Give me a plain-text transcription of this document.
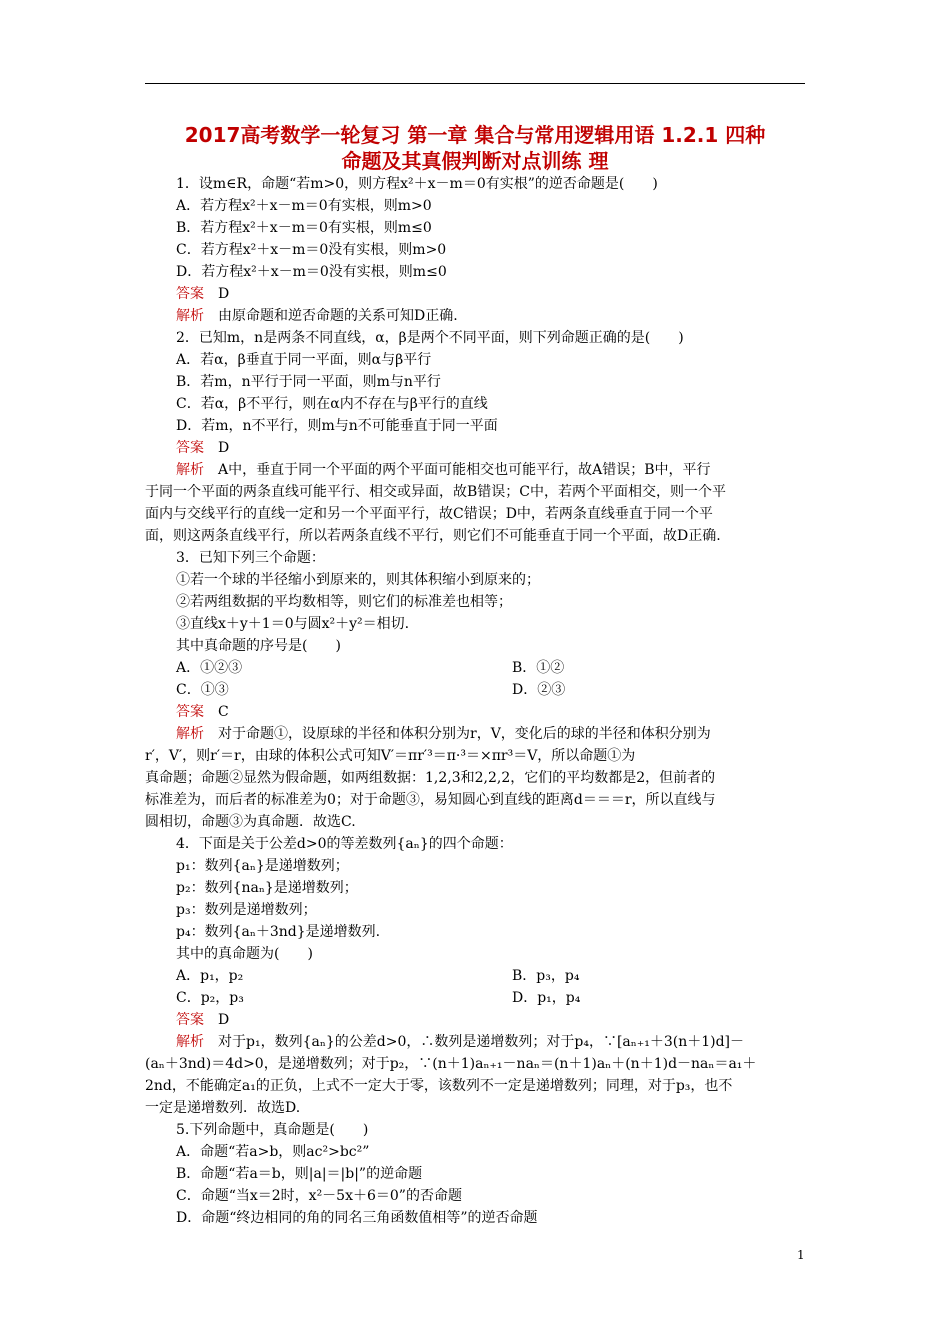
2017高考数学一轮复习 第一章 集合与常用逻辑用语 1.2.1 四种
命题及其真假判断对点训练 理
1．设m∈R，命题“若m>0，则方程x²＋x－m＝0有实根”的逆否命题是(　　)
A．若方程x²＋x－m＝0有实根，则m>0
B．若方程x²＋x－m＝0有实根，则m≤0
C．若方程x²＋x－m＝0没有实根，则m>0
D．若方程x²＋x－m＝0没有实根，则m≤0
答案　 D
解析　 由原命题和逆否命题的关系可知D正确.
2．已知m，n是两条不同直线，α，β是两个不同平面，则下列命题正确的是(　　)
A．若α，β垂直于同一平面，则α与β平行
B．若m，n平行于同一平面，则m与n平行
C．若α，β不平行，则在α内不存在与β平行的直线
D．若m，n不平行，则m与n不可能垂直于同一平面
答案　 D
解析　 A中，垂直于同一个平面的两个平面可能相交也可能平行，故A错误；B中，平行
于同一个平面的两条直线可能平行、相交或异面，故B错误；C中，若两个平面相交，则一个平
面内与交线平行的直线一定和另一个平面平行，故C错误；D中，若两条直线垂直于同一个平
面，则这两条直线平行，所以若两条直线不平行，则它们不可能垂直于同一个平面，故D正确.
3．已知下列三个命题：
①若一个球的半径缩小到原来的，则其体积缩小到原来的；
②若两组数据的平均数相等，则它们的标准差也相等；
③直线x＋y＋1＝0与圆x²＋y²＝相切.
其中真命题的序号是(　　)
A．①②③	B．①②
C．①③	D．②③
答案　 C
解析　 对于命题①，设原球的半径和体积分别为r，V，变化后的球的半径和体积分别为
r′，V′，则r′＝r，由球的体积公式可知V′＝πr′³＝π·³＝×πr³＝V，所以命题①为
真命题；命题②显然为假命题，如两组数据：1,2,3和2,2,2，它们的平均数都是2，但前者的
标准差为，而后者的标准差为0；对于命题③，易知圆心到直线的距离d＝＝＝r，所以直线与
圆相切，命题③为真命题．故选C.
4．下面是关于公差d>0的等差数列{aₙ}的四个命题：
p₁：数列{aₙ}是递增数列；
p₂：数列{naₙ}是递增数列；
p₃：数列是递增数列；
p₄：数列{aₙ＋3nd}是递增数列.
其中的真命题为(　　)
A．p₁，p₂	B．p₃，p₄
C．p₂，p₃	D．p₁，p₄
答案　 D
解析　 对于p₁，数列{aₙ}的公差d>0，∴数列是递增数列；对于p₄，∵[aₙ₊₁＋3(n＋1)d]－
(aₙ＋3nd)＝4d>0，是递增数列；对于p₂，∵(n＋1)aₙ₊₁－naₙ＝(n＋1)aₙ＋(n＋1)d－naₙ＝a₁＋
2nd，不能确定a₁的正负，上式不一定大于零，该数列不一定是递增数列；同理，对于p₃，也不
一定是递增数列．故选D.
5.下列命题中，真命题是(　　)
A．命题“若a>b，则ac²>bc²”
B．命题“若a＝b，则|a|＝|b|”的逆命题
C．命题“当x＝2时，x²－5x＋6＝0”的否命题
D．命题“终边相同的角的同名三角函数值相等”的逆否命题
1
